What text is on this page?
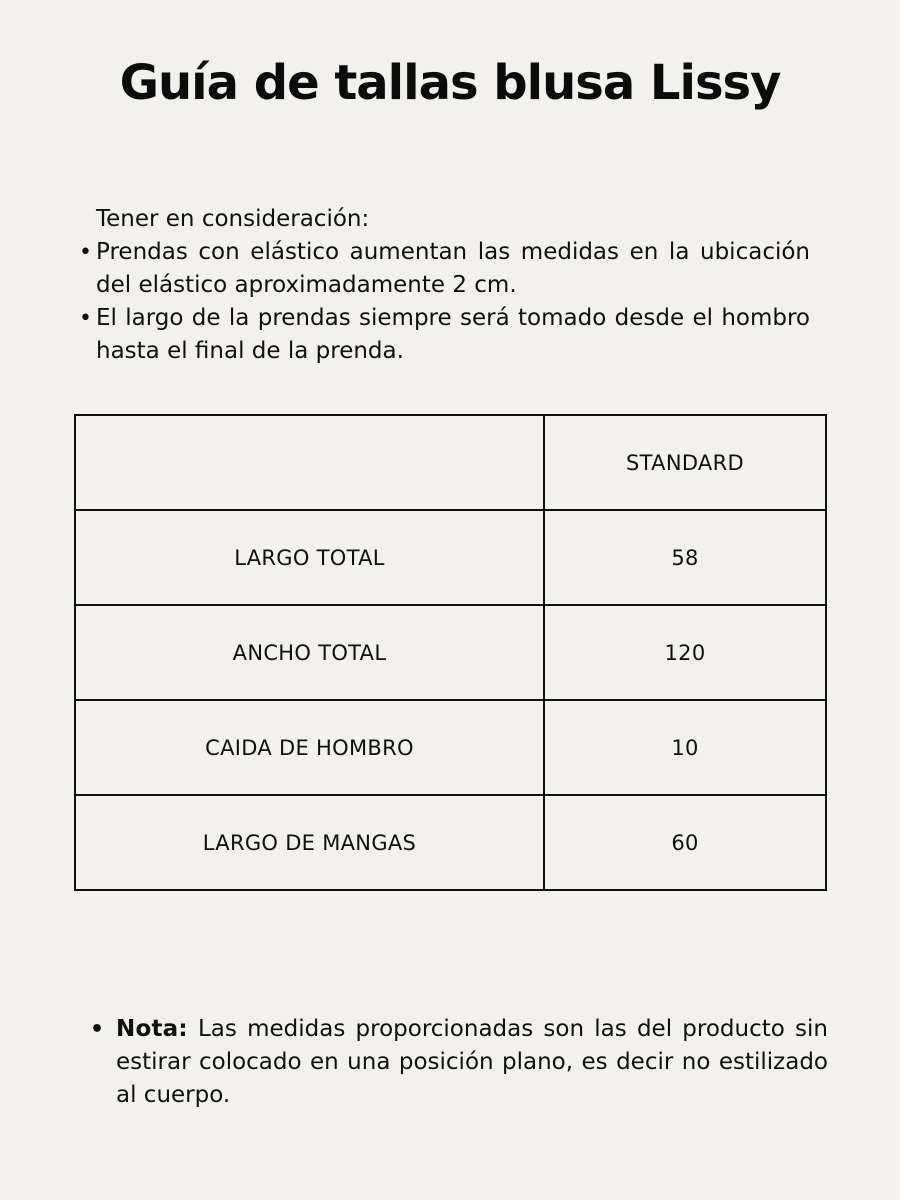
Guía de tallas blusa Lissy

Tener en consideración:

• Prendas con elástico aumentan las medidas en la ubicación del elástico aproximadamente 2 cm.
• El largo de la prendas siempre será tomado desde el hombro hasta el final de la prenda.
	STANDARD
LARGO TOTAL	58
ANCHO TOTAL	120
CAIDA DE HOMBRO	10
LARGO DE MANGAS	60
• Nota: Las medidas proporcionadas son las del producto sin estirar colocado en una posición plano, es decir no estilizado al cuerpo.
